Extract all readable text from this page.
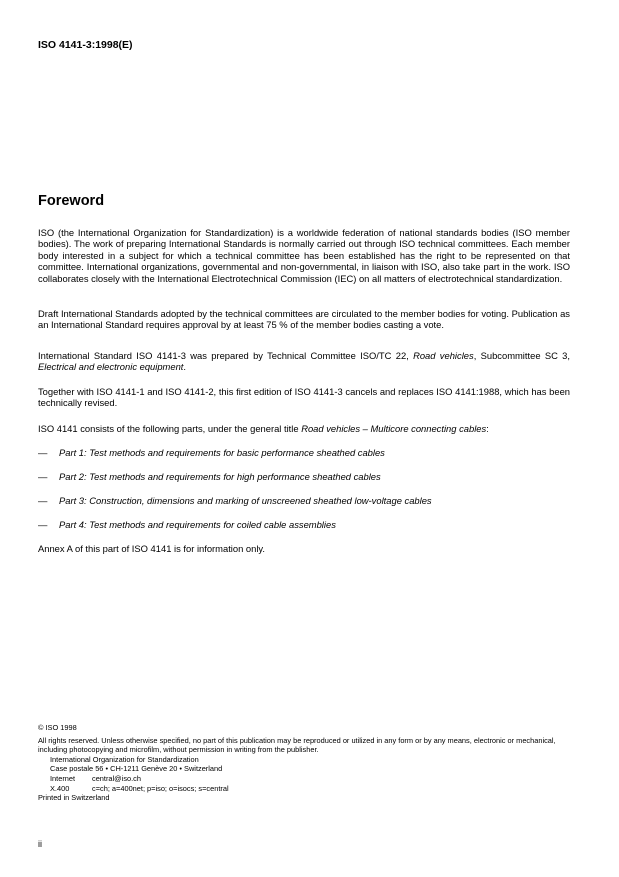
ISO 4141-3:1998(E)
Foreword
ISO (the International Organization for Standardization) is a worldwide federation of national standards bodies (ISO member bodies). The work of preparing International Standards is normally carried out through ISO technical committees. Each member body interested in a subject for which a technical committee has been established has the right to be represented on that committee. International organizations, governmental and non-governmental, in liaison with ISO, also take part in the work. ISO collaborates closely with the International Electrotechnical Commission (IEC) on all matters of electrotechnical standardization.
Draft International Standards adopted by the technical committees are circulated to the member bodies for voting. Publication as an International Standard requires approval by at least 75 % of the member bodies casting a vote.
International Standard ISO 4141-3 was prepared by Technical Committee ISO/TC 22, Road vehicles, Subcommittee SC 3, Electrical and electronic equipment.
Together with ISO 4141-1 and ISO 4141-2, this first edition of ISO 4141-3 cancels and replaces ISO 4141:1988, which has been technically revised.
ISO 4141 consists of the following parts, under the general title Road vehicles – Multicore connecting cables:
— Part 1: Test methods and requirements for basic performance sheathed cables
— Part 2: Test methods and requirements for high performance sheathed cables
— Part 3: Construction, dimensions and marking of unscreened sheathed low-voltage cables
— Part 4: Test methods and requirements for coiled cable assemblies
Annex A of this part of ISO 4141 is for information only.
© ISO 1998
All rights reserved. Unless otherwise specified, no part of this publication may be reproduced or utilized in any form or by any means, electronic or mechanical, including photocopying and microfilm, without permission in writing from the publisher.
International Organization for Standardization
Case postale 56 • CH-1211 Genève 20 • Switzerland
Internet central@iso.ch
X.400	c=ch; a=400net; p=iso; o=isocs; s=central
Printed in Switzerland
ii
